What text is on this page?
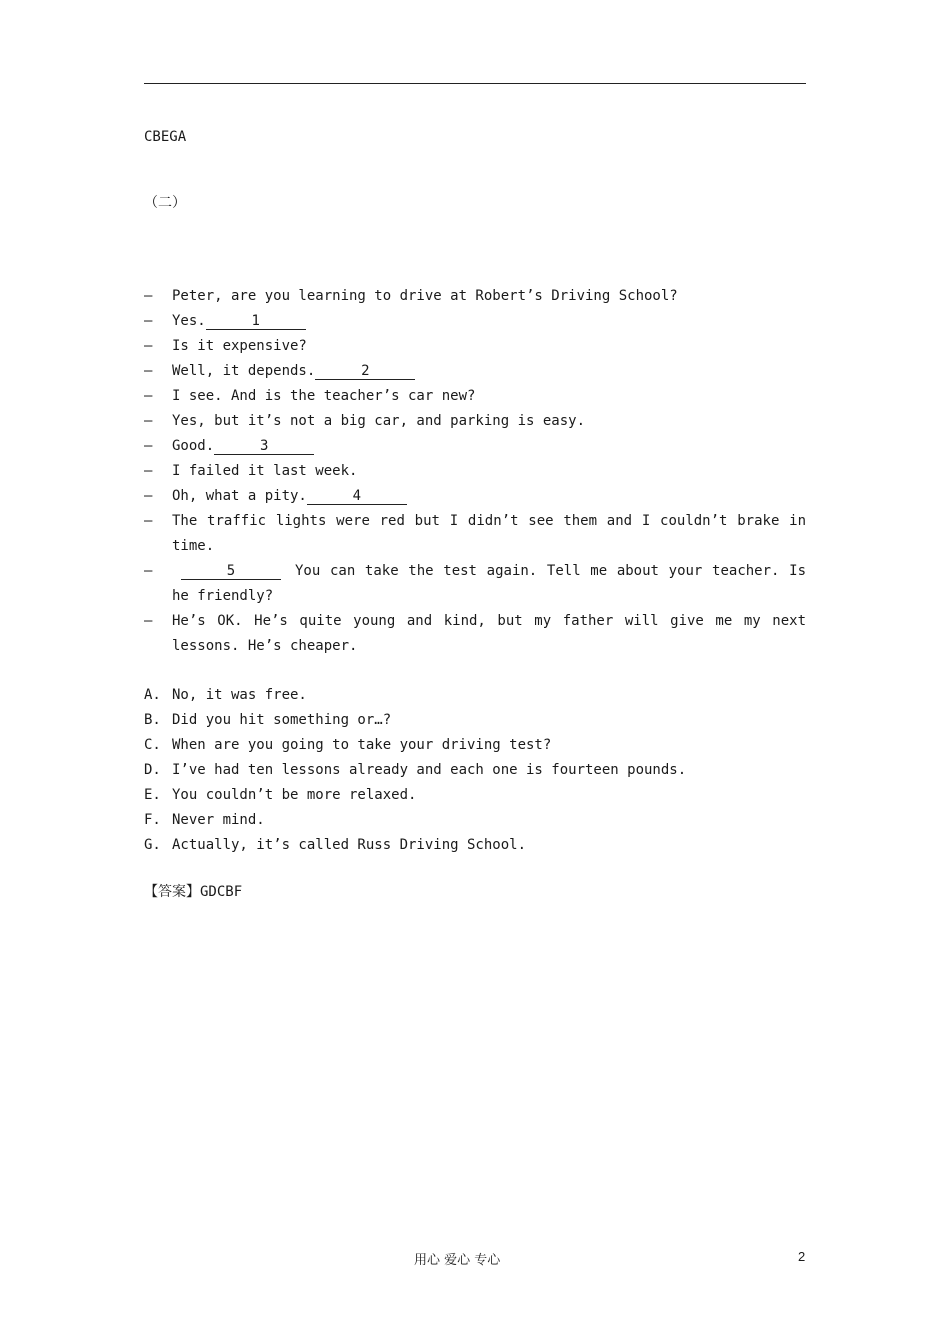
CBEGA
（二）
— Peter, are you learning to drive at Robert’s Driving School?
— Yes.	1
— Is it expensive?
— Well, it depends.	2
— I see. And is the teacher’s car new?
— Yes, but it’s not a big car, and parking is easy.
— Good.	3
— I failed it last week.
— Oh, what a pity.	4
— The traffic lights were red but I didn’t see them and I couldn’t brake in time.
—	5	You can take the test again. Tell me about your teacher. Is he friendly?
— He’s OK. He’s quite young and kind, but my father will give me my next lessons. He’s cheaper.
A. No, it was free.
B. Did you hit something or…?
C. When are you going to take your driving test?
D. I’ve had ten lessons already and each one is fourteen pounds.
E. You couldn’t be more relaxed.
F. Never mind.
G. Actually, it’s called Russ Driving School.
【答案】GDCBF
用心 爱心 专心	2
